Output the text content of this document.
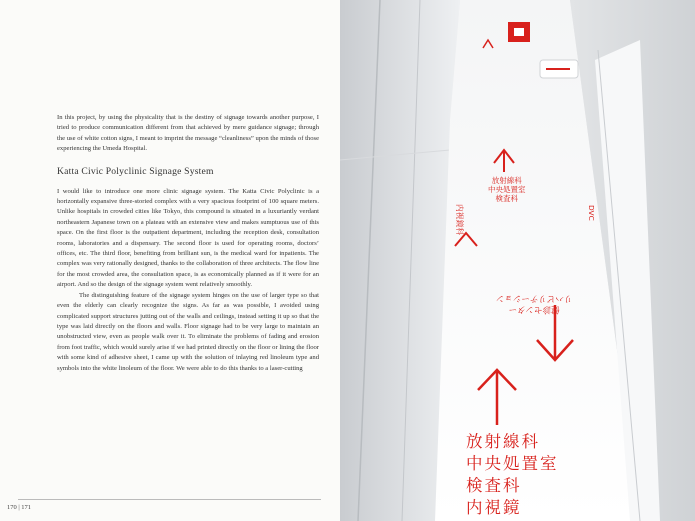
In this project, by using the physicality that is the destiny of signage towards another purpose, I tried to produce communication different from that achieved by mere guidance signage; through the use of white cotton signs, I meant to imprint the message “cleanliness” upon the minds of those experiencing the Umeda Hospital.

Katta Civic Polyclinic Signage System

I would like to introduce one more clinic signage system. The Katta Civic Polyclinic is a horizontally expansive three-storied complex with a very spacious footprint of 100 square meters. Unlike hospitals in crowded cities like Tokyo, this compound is situated in a luxuriantly verdant northeastern Japanese town on a plateau with an extensive view and makes sumptuous use of this space. On the first floor is the outpatient department, including the reception desk, consultation rooms, laboratories and a dispensary. The second floor is used for operating rooms, doctors’ offices, etc. The third floor, benefiting from brilliant sun, is the medical ward for inpatients. The complex was very rationally designed, thanks to the collaboration of three architects. The flow line for the most crowded area, the consultation space, is as economically planned as if it were for an airport. And so the design of the signage system went relatively smoothly.

The distinguishing feature of the signage system hinges on the use of larger type so that even the elderly can clearly recognize the signs. As far as was possible, I avoided using complicated support structures jutting out of the walls and ceilings, instead setting it up so that the type was laid directly on the floors and walls. Floor signage had to be very large to maintain an unobstructed view, even as people walk over it. To eliminate the problems of fading and erosion from foot traffic, which would surely arise if we had printed directly on the floor or lining the floor with some kind of adhesive sheet, I came up with the solution of inlaying red linoleum type and symbols into the white linoleum of the floor. We were able to do this thanks to a laser-cutting

170 | 171
放射線科
中央処置室
検査科
内視鏡科	DVC
健診センター
リハビリテーション
放射線科
中央処置室
検査科
内視鏡
